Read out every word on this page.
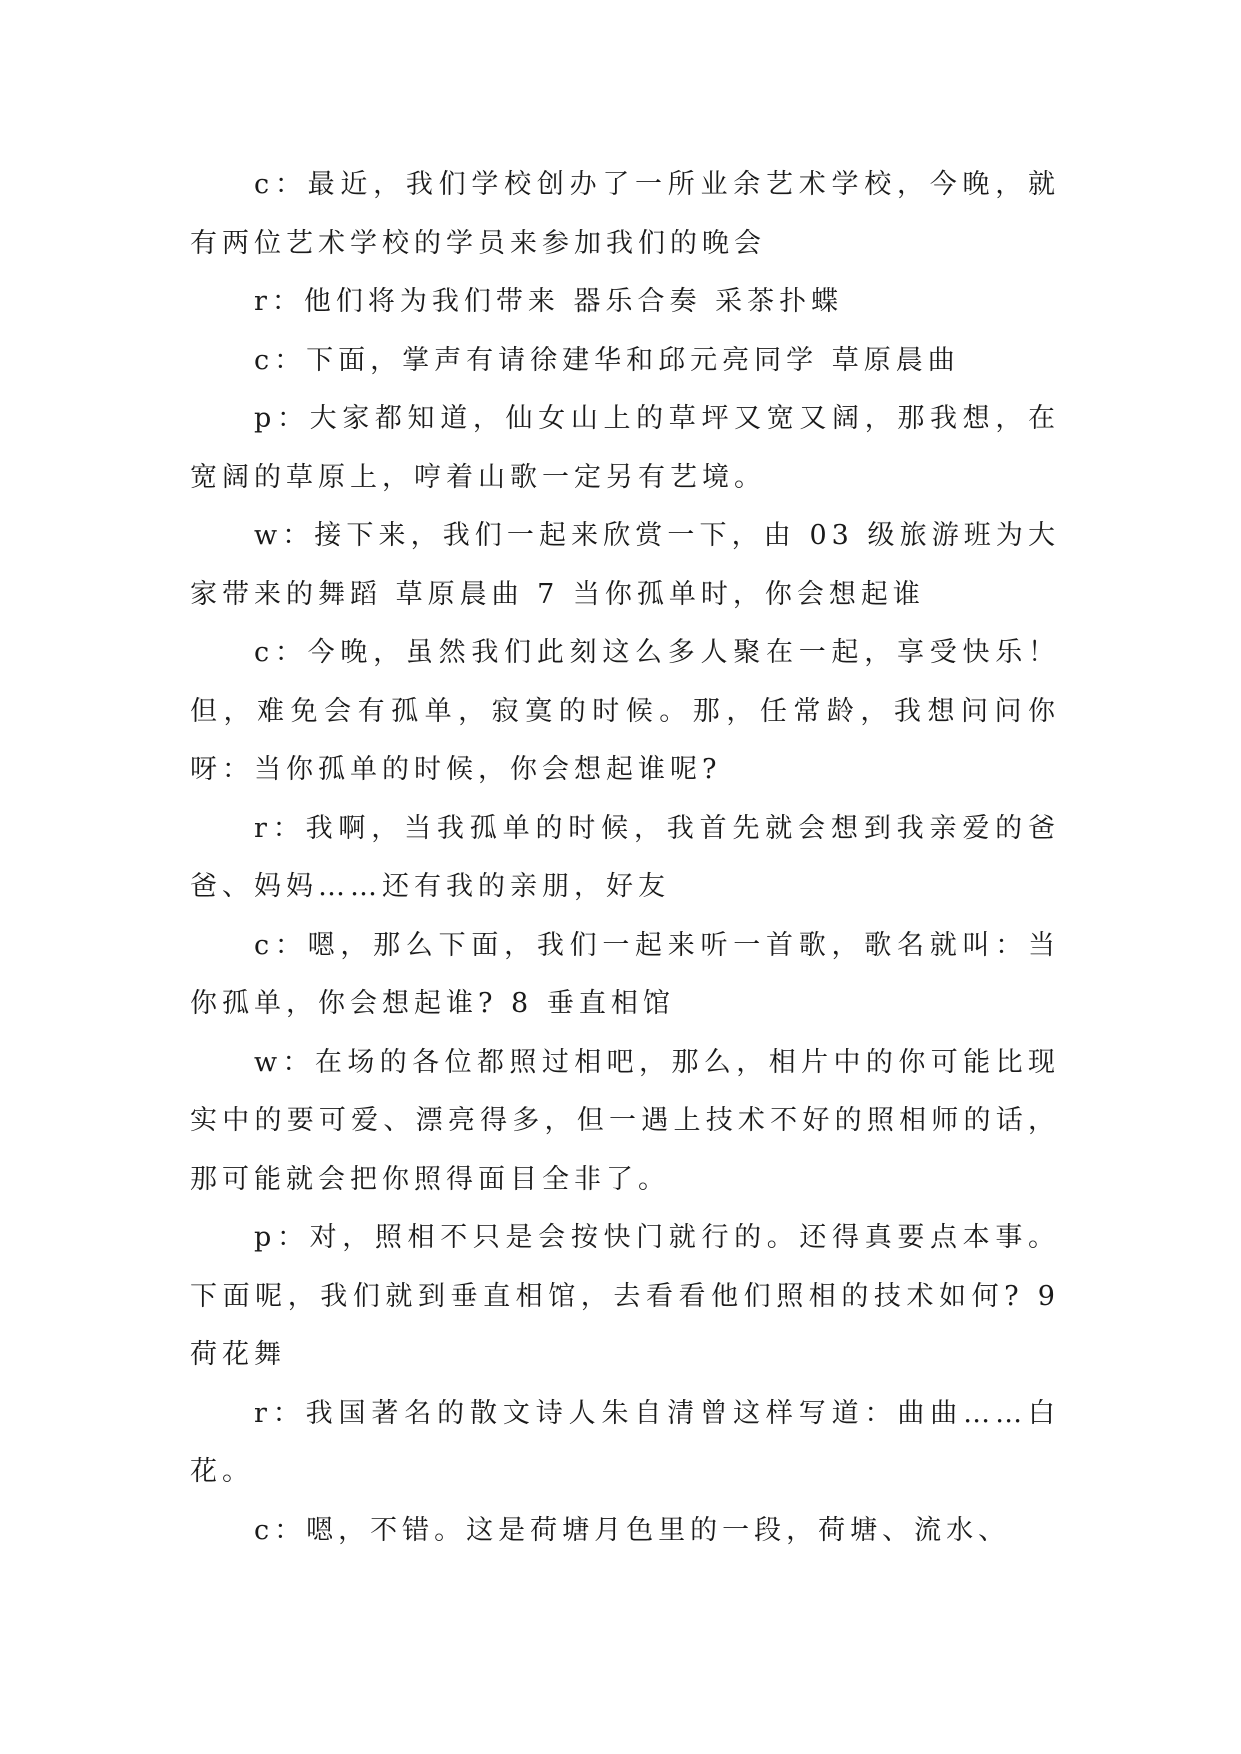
c：最近，我们学校创办了一所业余艺术学校，今晚，就有两位艺术学校的学员来参加我们的晚会

r：他们将为我们带来 器乐合奏 采茶扑蝶

c：下面，掌声有请徐建华和邱元亮同学 草原晨曲

p：大家都知道，仙女山上的草坪又宽又阔，那我想，在宽阔的草原上，哼着山歌一定另有艺境。

w：接下来，我们一起来欣赏一下，由 03 级旅游班为大家带来的舞蹈 草原晨曲 7 当你孤单时，你会想起谁

c：今晚，虽然我们此刻这么多人聚在一起，享受快乐！但，难免会有孤单，寂寞的时候。那，任常龄，我想问问你呀：当你孤单的时候，你会想起谁呢?

r：我啊，当我孤单的时候，我首先就会想到我亲爱的爸爸、妈妈……还有我的亲朋，好友

c：嗯，那么下面，我们一起来听一首歌，歌名就叫：当你孤单，你会想起谁? 8 垂直相馆

w：在场的各位都照过相吧，那么，相片中的你可能比现实中的要可爱、漂亮得多，但一遇上技术不好的照相师的话，那可能就会把你照得面目全非了。

p：对，照相不只是会按快门就行的。还得真要点本事。下面呢，我们就到垂直相馆，去看看他们照相的技术如何? 9 荷花舞

r：我国著名的散文诗人朱自清曾这样写道：曲曲……白花。

c：嗯，不错。这是荷塘月色里的一段，荷塘、流水、
